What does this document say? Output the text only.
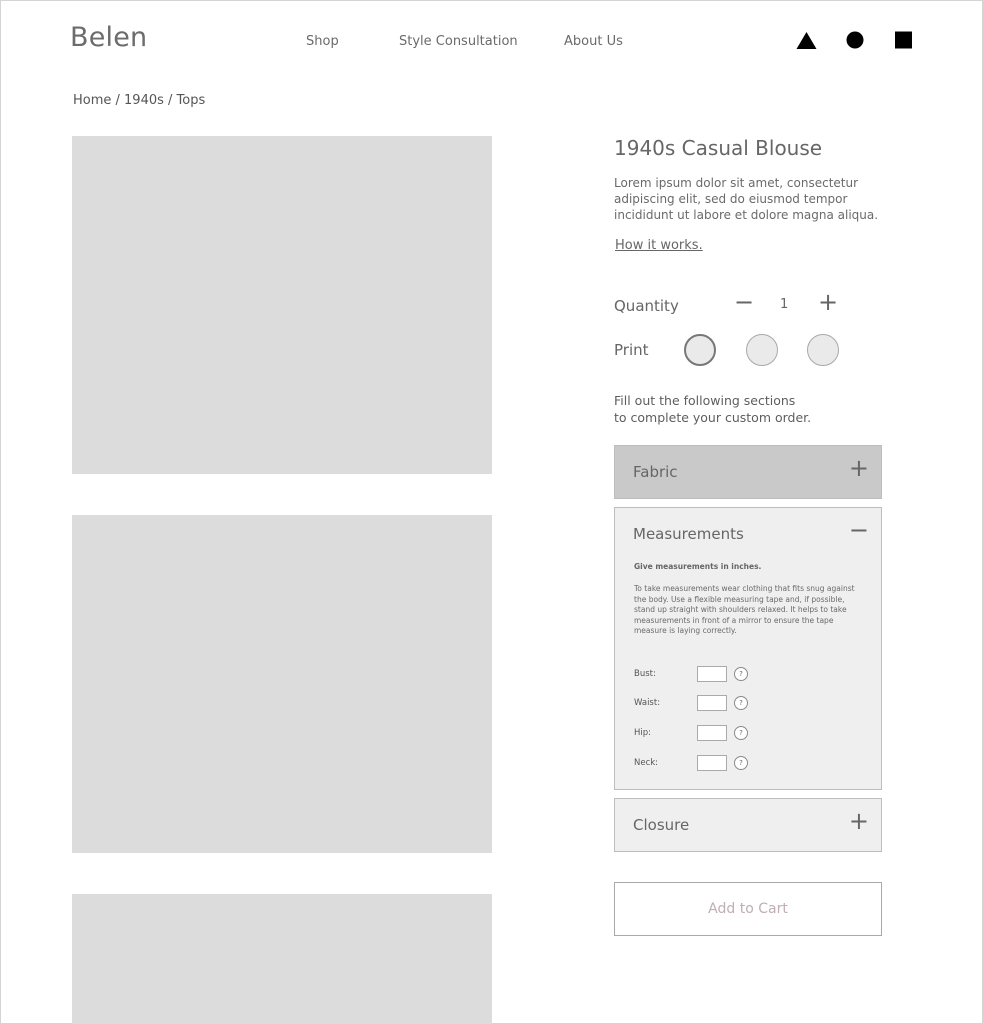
Belen	Shop	Style Consultation	About Us
Home / 1940s / Tops
1940s Casual Blouse
Lorem ipsum dolor sit amet, consectetur adipiscing elit, sed do eiusmod tempor incididunt ut labore et dolore magna aliqua.
How it works.
Quantity − 1 +
Print
Fill out the following sections
to complete your custom order.
Fabric	+
Measurements	−
Give measurements in inches.
To take measurements wear clothing that fits snug against the body. Use a flexible measuring tape and, if possible, stand up straight with shoulders relaxed. It helps to take measurements in front of a mirror to ensure the tape measure is laying correctly.
Bust:	?
Waist:	?
Hip:	?
Neck:	?
Closure	+
Add to Cart
